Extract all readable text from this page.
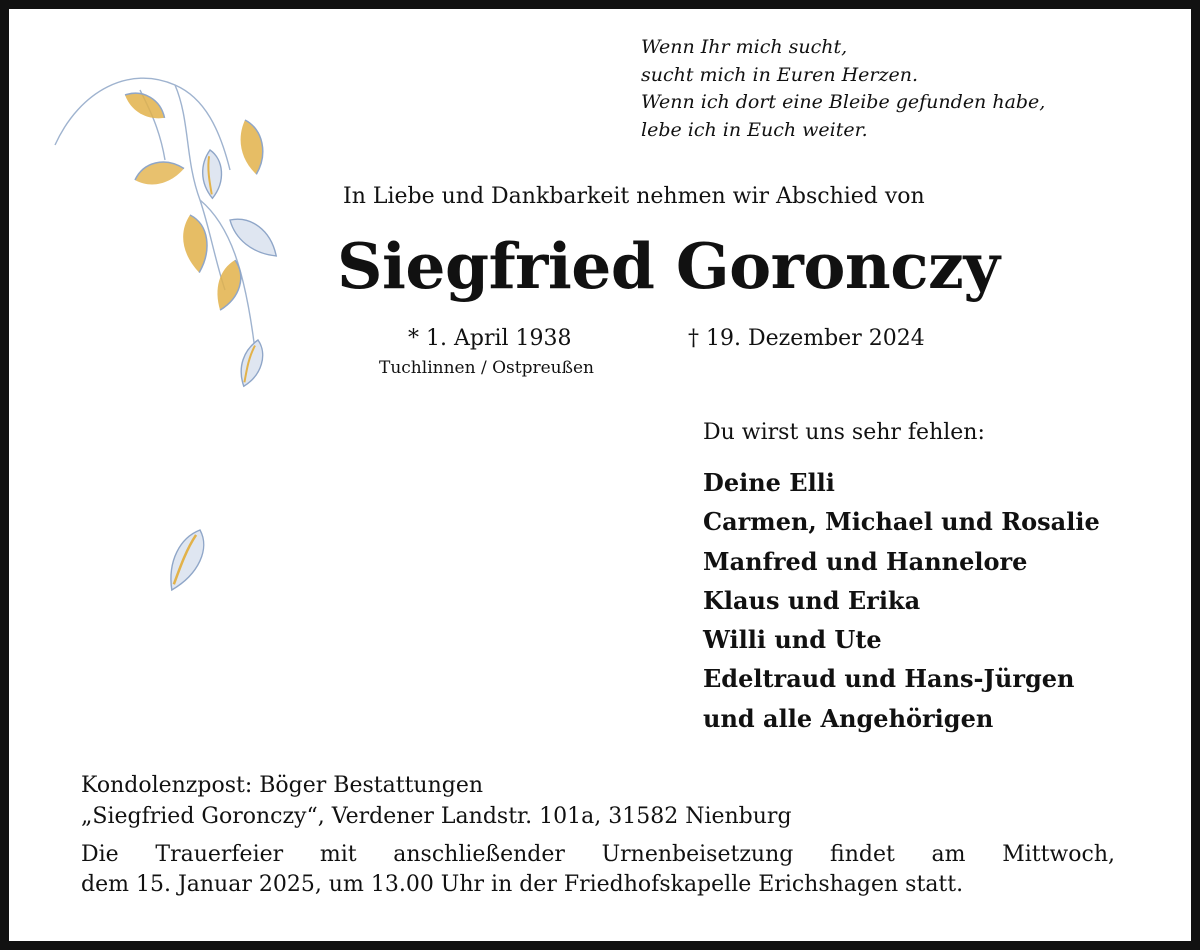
Wenn Ihr mich sucht,
sucht mich in Euren Herzen.
Wenn ich dort eine Bleibe gefunden habe,
lebe ich in Euch weiter.
In Liebe und Dankbarkeit nehmen wir Abschied von
Siegfried Goronczy
* 1. April 1938
Tuchlinnen / Ostpreußen
† 19. Dezember 2024
Du wirst uns sehr fehlen:
Deine Elli
Carmen, Michael und Rosalie
Manfred und Hannelore
Klaus und Erika
Willi und Ute
Edeltraud und Hans-Jürgen
und alle Angehörigen
Kondolenzpost: Böger Bestattungen
„Siegfried Goronczy“, Verdener Landstr. 101a, 31582 Nienburg
Die Trauerfeier mit anschließender Urnenbeisetzung findet am Mittwoch,
dem 15. Januar 2025, um 13.00 Uhr in der Friedhofskapelle Erichshagen statt.
